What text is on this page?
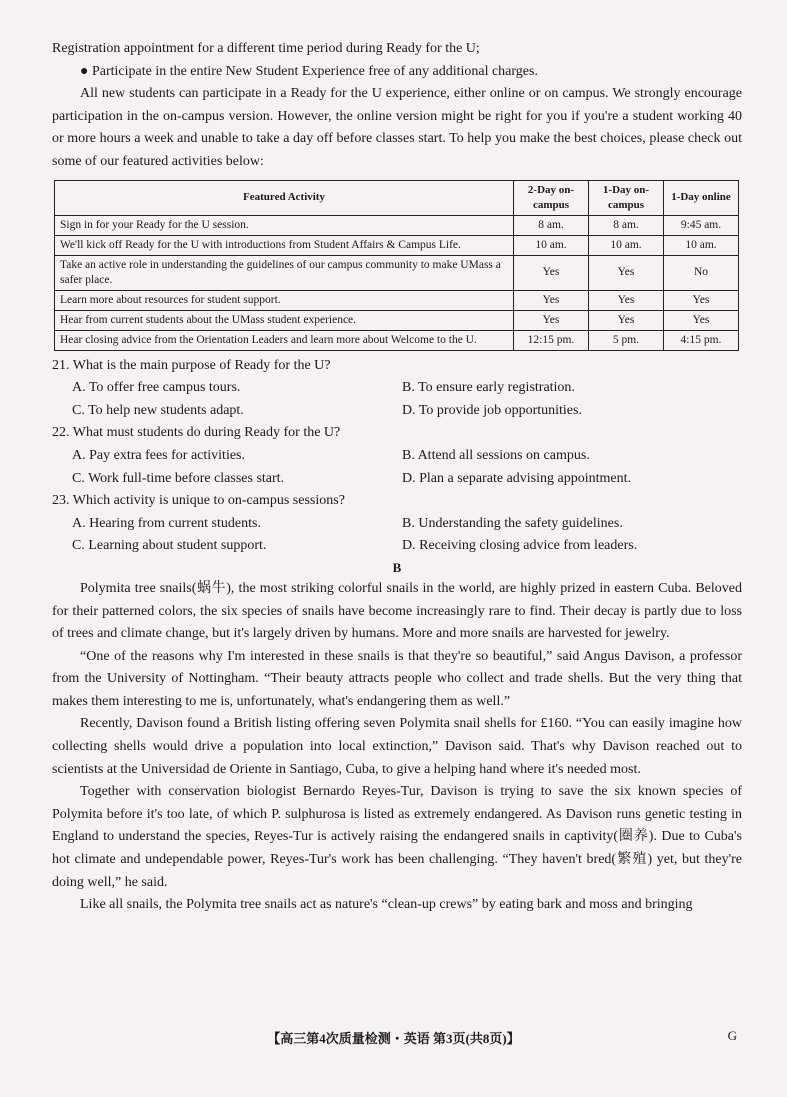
Registration appointment for a different time period during Ready for the U;

● Participate in the entire New Student Experience free of any additional charges.

All new students can participate in a Ready for the U experience, either online or on campus. We strongly encourage participation in the on-campus version. However, the online version might be right for you if you're a student working 40 or more hours a week and unable to take a day off before classes start. To help you make the best choices, please check out some of our featured activities below:

Featured Activity	2-Day on-campus	1-Day on-campus	1-Day online
Sign in for your Ready for the U session.	8 am.	8 am.	9:45 am.
We'll kick off Ready for the U with introductions from Student Affairs & Campus Life.	10 am.	10 am.	10 am.
Take an active role in understanding the guidelines of our campus community to make UMass a safer place.	Yes	Yes	No
Learn more about resources for student support.	Yes	Yes	Yes
Hear from current students about the UMass student experience.	Yes	Yes	Yes
Hear closing advice from the Orientation Leaders and learn more about Welcome to the U.	12:15 pm.	5 pm.	4:15 pm.
21. What is the main purpose of Ready for the U?
A. To offer free campus tours.	B. To ensure early registration.
C. To help new students adapt.	D. To provide job opportunities.
22. What must students do during Ready for the U?
A. Pay extra fees for activities.	B. Attend all sessions on campus.
C. Work full-time before classes start.	D. Plan a separate advising appointment.
23. Which activity is unique to on-campus sessions?
A. Hearing from current students.	B. Understanding the safety guidelines.
C. Learning about student support.	D. Receiving closing advice from leaders.
B

Polymita tree snails(蜗牛), the most striking colorful snails in the world, are highly prized in eastern Cuba. Beloved for their patterned colors, the six species of snails have become increasingly rare to find. Their decay is partly due to loss of trees and climate change, but it's largely driven by humans. More and more snails are harvested for jewelry.

“One of the reasons why I'm interested in these snails is that they're so beautiful,” said Angus Davison, a professor from the University of Nottingham. “Their beauty attracts people who collect and trade shells. But the very thing that makes them interesting to me is, unfortunately, what's endangering them as well.”

Recently, Davison found a British listing offering seven Polymita snail shells for £160. “You can easily imagine how collecting shells would drive a population into local extinction,” Davison said. That's why Davison reached out to scientists at the Universidad de Oriente in Santiago, Cuba, to give a helping hand where it's needed most.

Together with conservation biologist Bernardo Reyes-Tur, Davison is trying to save the six known species of Polymita before it's too late, of which P. sulphurosa is listed as extremely endangered. As Davison runs genetic testing in England to understand the species, Reyes-Tur is actively raising the endangered snails in captivity(圈养). Due to Cuba's hot climate and undependable power, Reyes-Tur's work has been challenging. “They haven't bred(繁殖) yet, but they're doing well,” he said.

Like all snails, the Polymita tree snails act as nature's “clean-up crews” by eating bark and moss and bringing

【高三第4次质量检测・英语 第3页(共8页)】	G
